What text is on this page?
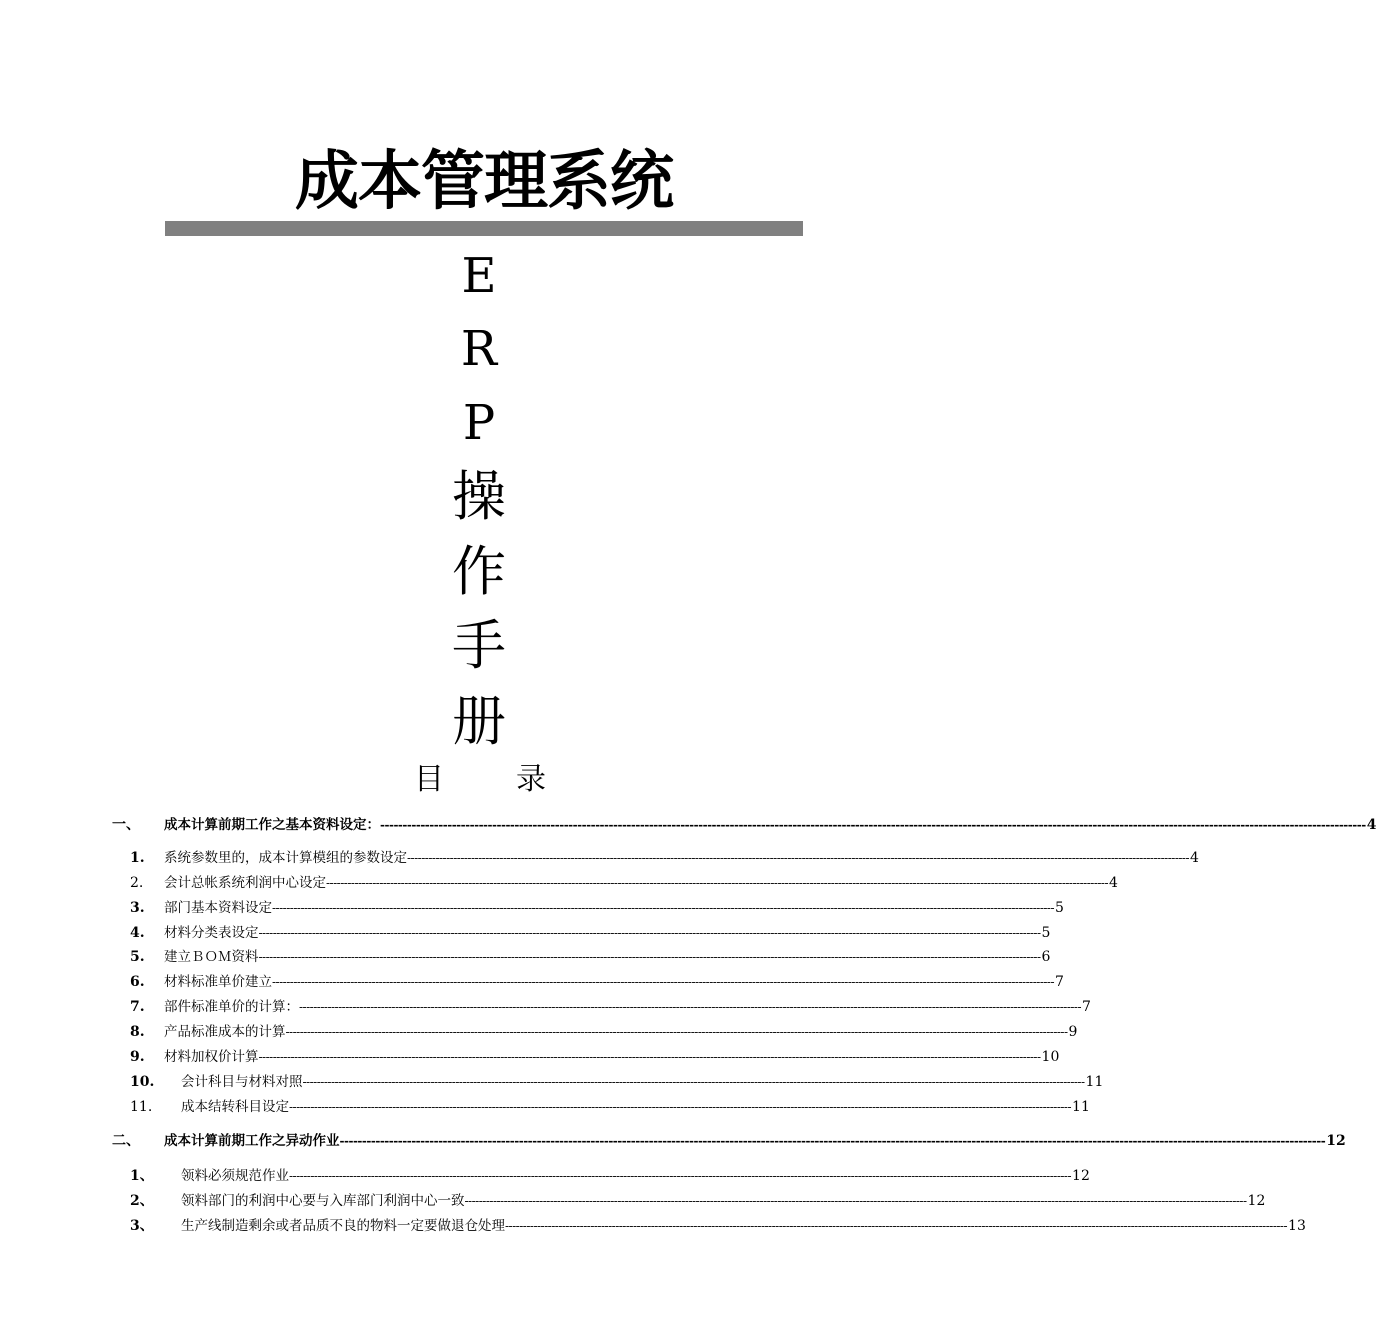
成本管理系统
E
R
P
操
作
手
册
目 录
一、 成本计算前期工作之基本资料设定： ---------------------------------------------------------------------------------------------------------------------------------------------------------------------------------------------------------------------------- 4
1. 系统参数里的，成本计算模组的参数设定 ---------------------------------------------------------------------------------------------------------------------------------------------------------------------------------------------------------------------------- 4
2. 会计总帐系统利润中心设定 ---------------------------------------------------------------------------------------------------------------------------------------------------------------------------------------------------------------------------- 4
3. 部门基本资料设定 ---------------------------------------------------------------------------------------------------------------------------------------------------------------------------------------------------------------------------- 5
4. 材料分类表设定 ---------------------------------------------------------------------------------------------------------------------------------------------------------------------------------------------------------------------------- 5
5. 建立ＢＯＭ资料 ---------------------------------------------------------------------------------------------------------------------------------------------------------------------------------------------------------------------------- 6
6. 材料标准单价建立 ---------------------------------------------------------------------------------------------------------------------------------------------------------------------------------------------------------------------------- 7
7. 部件标准单价的计算： ---------------------------------------------------------------------------------------------------------------------------------------------------------------------------------------------------------------------------- 7
8. 产品标准成本的计算 ---------------------------------------------------------------------------------------------------------------------------------------------------------------------------------------------------------------------------- 9
9. 材料加权价计算 ---------------------------------------------------------------------------------------------------------------------------------------------------------------------------------------------------------------------------- 10
10. 会计科目与材料对照 ---------------------------------------------------------------------------------------------------------------------------------------------------------------------------------------------------------------------------- 11
11. 成本结转科目设定 ---------------------------------------------------------------------------------------------------------------------------------------------------------------------------------------------------------------------------- 11
二、 成本计算前期工作之异动作业 ---------------------------------------------------------------------------------------------------------------------------------------------------------------------------------------------------------------------------- 12
1、 领料必须规范作业 ---------------------------------------------------------------------------------------------------------------------------------------------------------------------------------------------------------------------------- 12
2、 领料部门的利润中心要与入库部门利润中心一致 ---------------------------------------------------------------------------------------------------------------------------------------------------------------------------------------------------------------------------- 12
3、 生产线制造剩余或者品质不良的物料一定要做退仓处理 ---------------------------------------------------------------------------------------------------------------------------------------------------------------------------------------------------------------------------- 13
